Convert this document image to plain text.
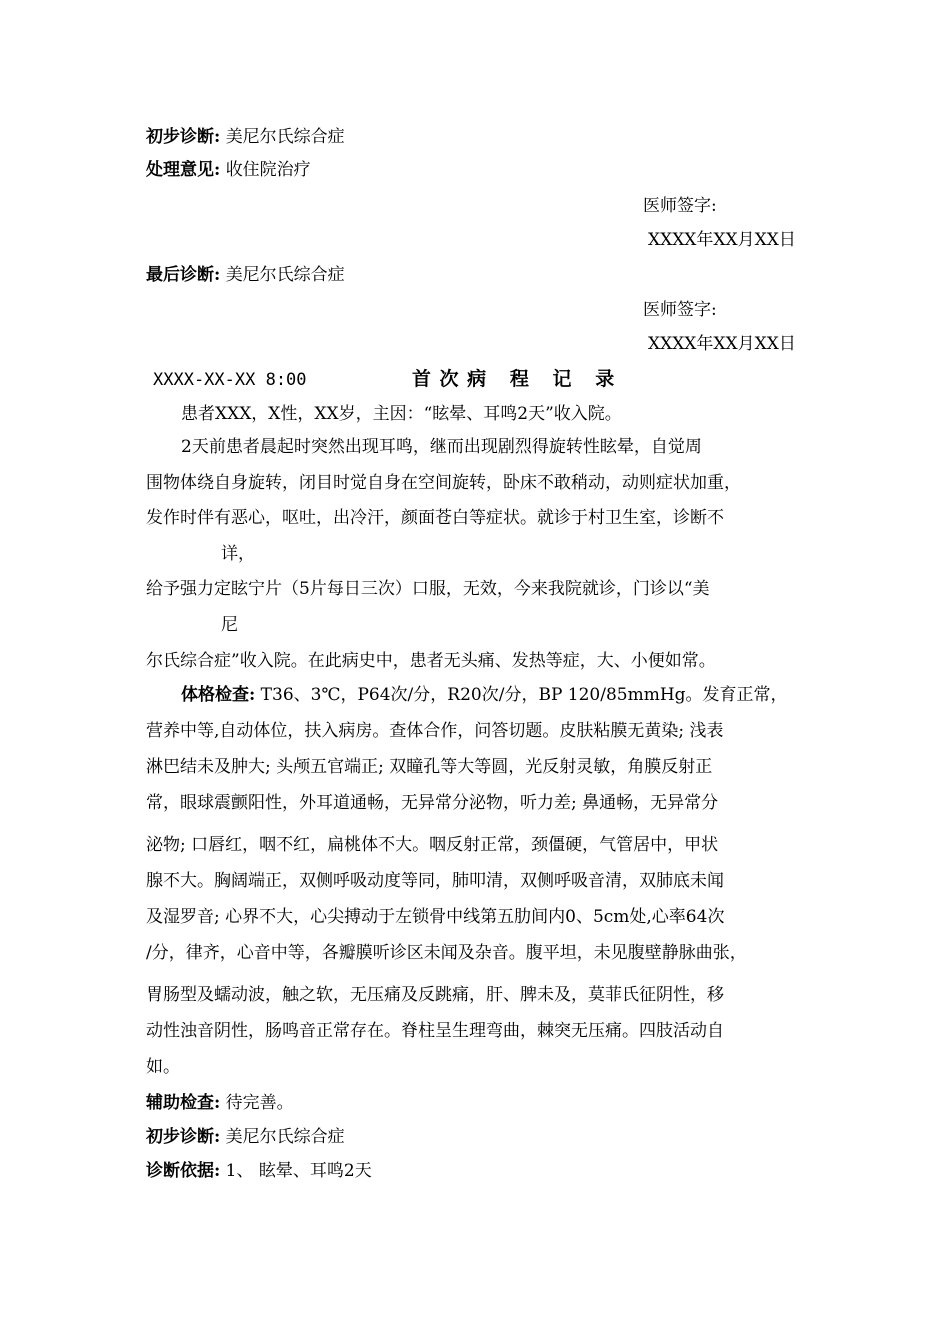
初步诊断: 美尼尔氏综合症
处理意见: 收住院治疗
医师签字:
XXXX年XX月XX日
最后诊断: 美尼尔氏综合症
医师签字:
XXXX年XX月XX日
XXXX-XX-XX 8:00	首次病 程 记 录
患者XXX，X性，XX岁，主因：“眩晕、耳鸣2天”收入院。
2天前患者晨起时突然出现耳鸣，继而出现剧烈得旋转性眩晕，自觉周
围物体绕自身旋转，闭目时觉自身在空间旋转，卧床不敢稍动，动则症状加重，
发作时伴有恶心，呕吐，出冷汗，颜面苍白等症状。就诊于村卫生室，诊断不
详，
给予强力定眩宁片（5片每日三次）口服，无效，今来我院就诊，门诊以“美
尼
尔氏综合症”收入院。在此病史中，患者无头痛、发热等症，大、小便如常。
体格检查: T36、3℃，P64次/分，R20次/分，BP 120/85mmHg。发育正常，
营养中等,自动体位，扶入病房。查体合作，问答切题。皮肤粘膜无黄染; 浅表
淋巴结未及肿大; 头颅五官端正; 双瞳孔等大等圆，光反射灵敏，角膜反射正
常，眼球震颤阳性，外耳道通畅，无异常分泌物，听力差; 鼻通畅，无异常分
泌物; 口唇红，咽不红，扁桃体不大。咽反射正常，颈僵硬，气管居中，甲状
腺不大。胸阔端正，双侧呼吸动度等同，肺叩清，双侧呼吸音清，双肺底未闻
及湿罗音; 心界不大，心尖搏动于左锁骨中线第五肋间内0、5cm处,心率64次
/分，律齐，心音中等，各瓣膜听诊区未闻及杂音。腹平坦，未见腹壁静脉曲张，
胃肠型及蠕动波，触之软，无压痛及反跳痛，肝、脾未及，莫菲氏征阴性，移
动性浊音阴性，肠鸣音正常存在。脊柱呈生理弯曲，棘突无压痛。四肢活动自
如。
辅助检查: 待完善。
初步诊断: 美尼尔氏综合症
诊断依据: 1、 眩晕、耳鸣2天
